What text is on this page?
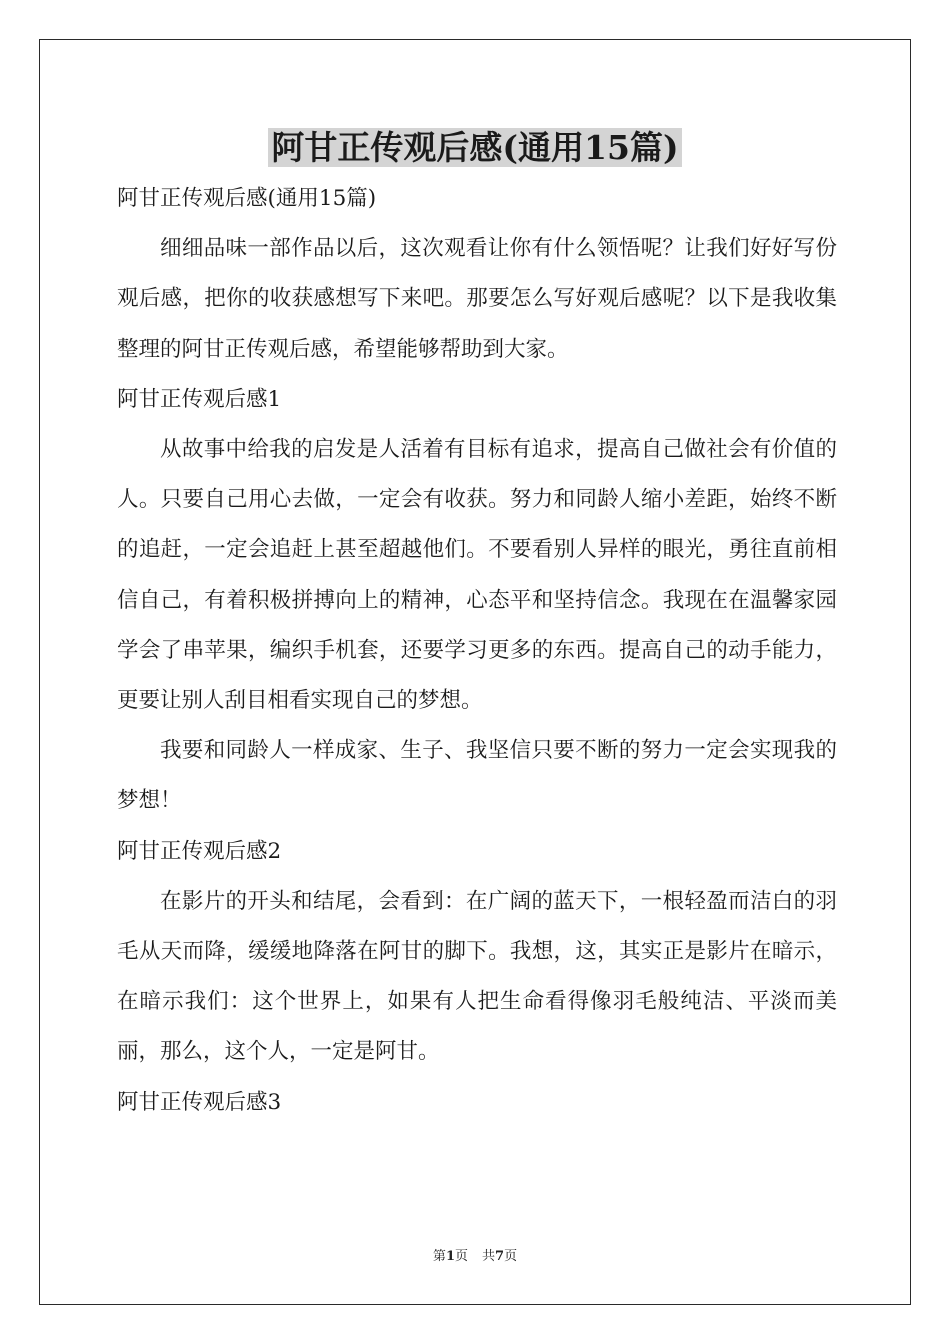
阿甘正传观后感(通用15篇)

阿甘正传观后感(通用15篇)

细细品味一部作品以后，这次观看让你有什么领悟呢？让我们好好写份观后感，把你的收获感想写下来吧。那要怎么写好观后感呢？以下是我收集整理的阿甘正传观后感，希望能够帮助到大家。

阿甘正传观后感1

从故事中给我的启发是人活着有目标有追求，提高自己做社会有价值的人。只要自己用心去做，一定会有收获。努力和同龄人缩小差距，始终不断的追赶，一定会追赶上甚至超越他们。不要看别人异样的眼光，勇往直前相信自己，有着积极拼搏向上的精神，心态平和坚持信念。我现在在温馨家园学会了串苹果，编织手机套，还要学习更多的东西。提高自己的动手能力，更要让别人刮目相看实现自己的梦想。

我要和同龄人一样成家、生子、我坚信只要不断的努力一定会实现我的梦想！

阿甘正传观后感2

在影片的开头和结尾，会看到：在广阔的蓝天下，一根轻盈而洁白的羽毛从天而降，缓缓地降落在阿甘的脚下。我想，这，其实正是影片在暗示，在暗示我们：这个世界上，如果有人把生命看得像羽毛般纯洁、平淡而美丽，那么，这个人，一定是阿甘。

阿甘正传观后感3

第1页 共7页
